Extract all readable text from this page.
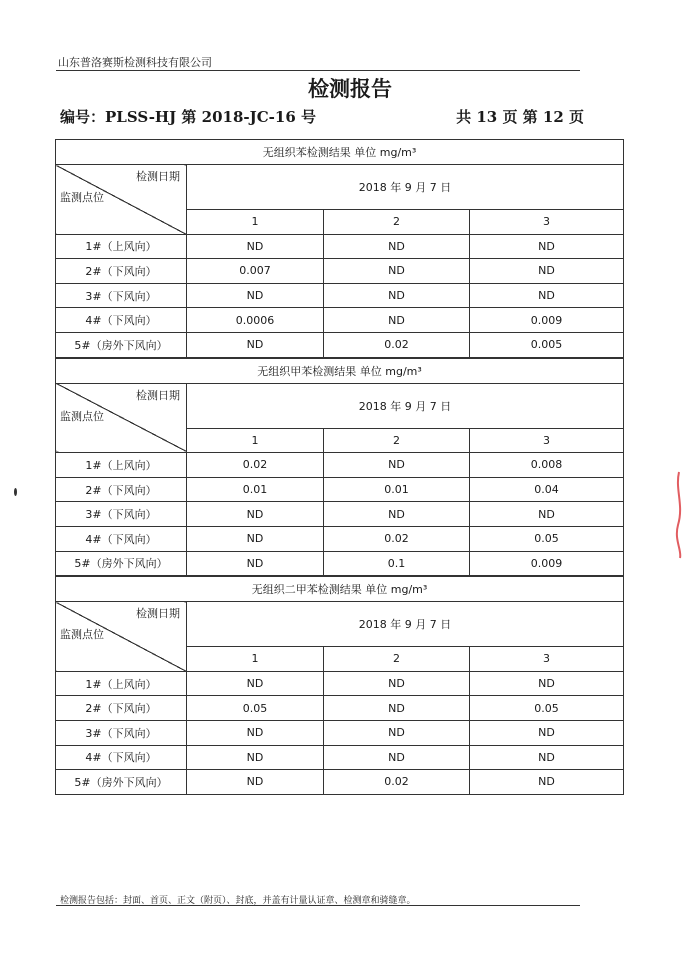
山东普洛赛斯检测科技有限公司
检测报告
编号：PLSS-HJ 第 2018-JC-16 号	共 13 页 第 12 页
无组织苯检测结果 单位 mg/m³			

检测日期
监测点位	2018 年 9 月 7 日		
	1	2	3
1#（上风向）	ND	ND	ND
2#（下风向）	0.007	ND	ND
3#（下风向）	ND	ND	ND
4#（下风向）	0.0006	ND	0.009
5#（房外下风向）	ND	0.02	0.005
无组织甲苯检测结果 单位 mg/m³			

检测日期
监测点位	2018 年 9 月 7 日		
	1	2	3
1#（上风向）	0.02	ND	0.008
2#（下风向）	0.01	0.01	0.04
3#（下风向）	ND	ND	ND
4#（下风向）	ND	0.02	0.05
5#（房外下风向）	ND	0.1	0.009
无组织二甲苯检测结果 单位 mg/m³			

检测日期
监测点位	2018 年 9 月 7 日		
	1	2	3
1#（上风向）	ND	ND	ND
2#（下风向）	0.05	ND	0.05
3#（下风向）	ND	ND	ND
4#（下风向）	ND	ND	ND
5#（房外下风向）	ND	0.02	ND
检测报告包括：封面、首页、正文（附页）、封底，并盖有计量认证章、检测章和骑缝章。
